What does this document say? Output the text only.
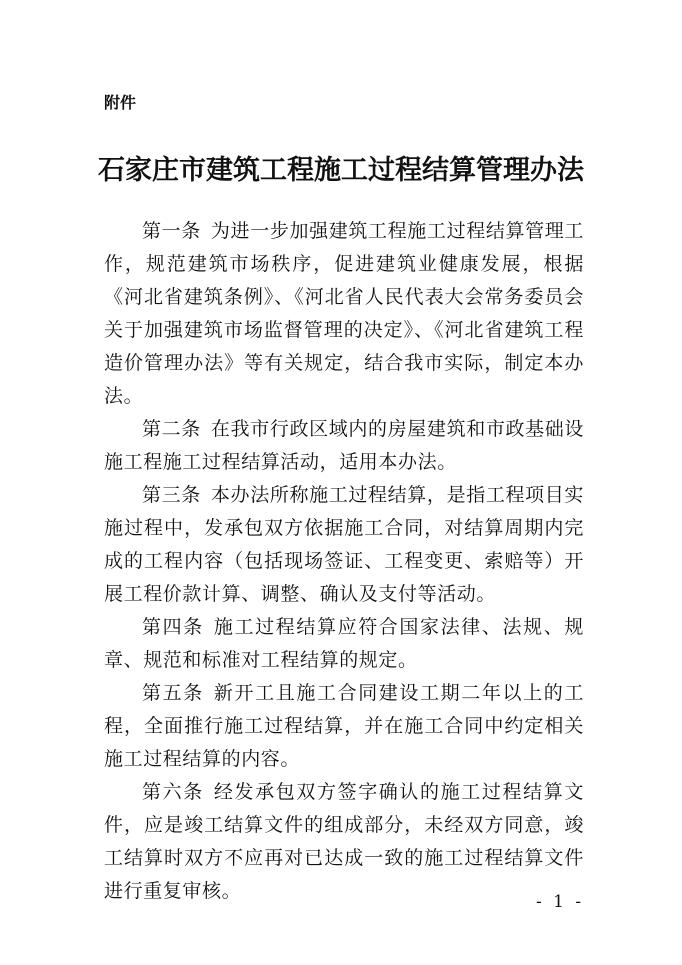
附件
石家庄市建筑工程施工过程结算管理办法

第一条 为进一步加强建筑工程施工过程结算管理工作，规范建筑市场秩序，促进建筑业健康发展，根据《河北省建筑条例》、《河北省人民代表大会常务委员会关于加强建筑市场监督管理的决定》、《河北省建筑工程造价管理办法》等有关规定，结合我市实际，制定本办法。

第二条 在我市行政区域内的房屋建筑和市政基础设施工程施工过程结算活动，适用本办法。

第三条 本办法所称施工过程结算，是指工程项目实施过程中，发承包双方依据施工合同，对结算周期内完成的工程内容（包括现场签证、工程变更、索赔等）开展工程价款计算、调整、确认及支付等活动。

第四条 施工过程结算应符合国家法律、法规、规章、规范和标准对工程结算的规定。

第五条 新开工且施工合同建设工期二年以上的工程，全面推行施工过程结算，并在施工合同中约定相关施工过程结算的内容。

第六条 经发承包双方签字确认的施工过程结算文件，应是竣工结算文件的组成部分，未经双方同意，竣工结算时双方不应再对已达成一致的施工过程结算文件进行重复审核。	- 1 -
